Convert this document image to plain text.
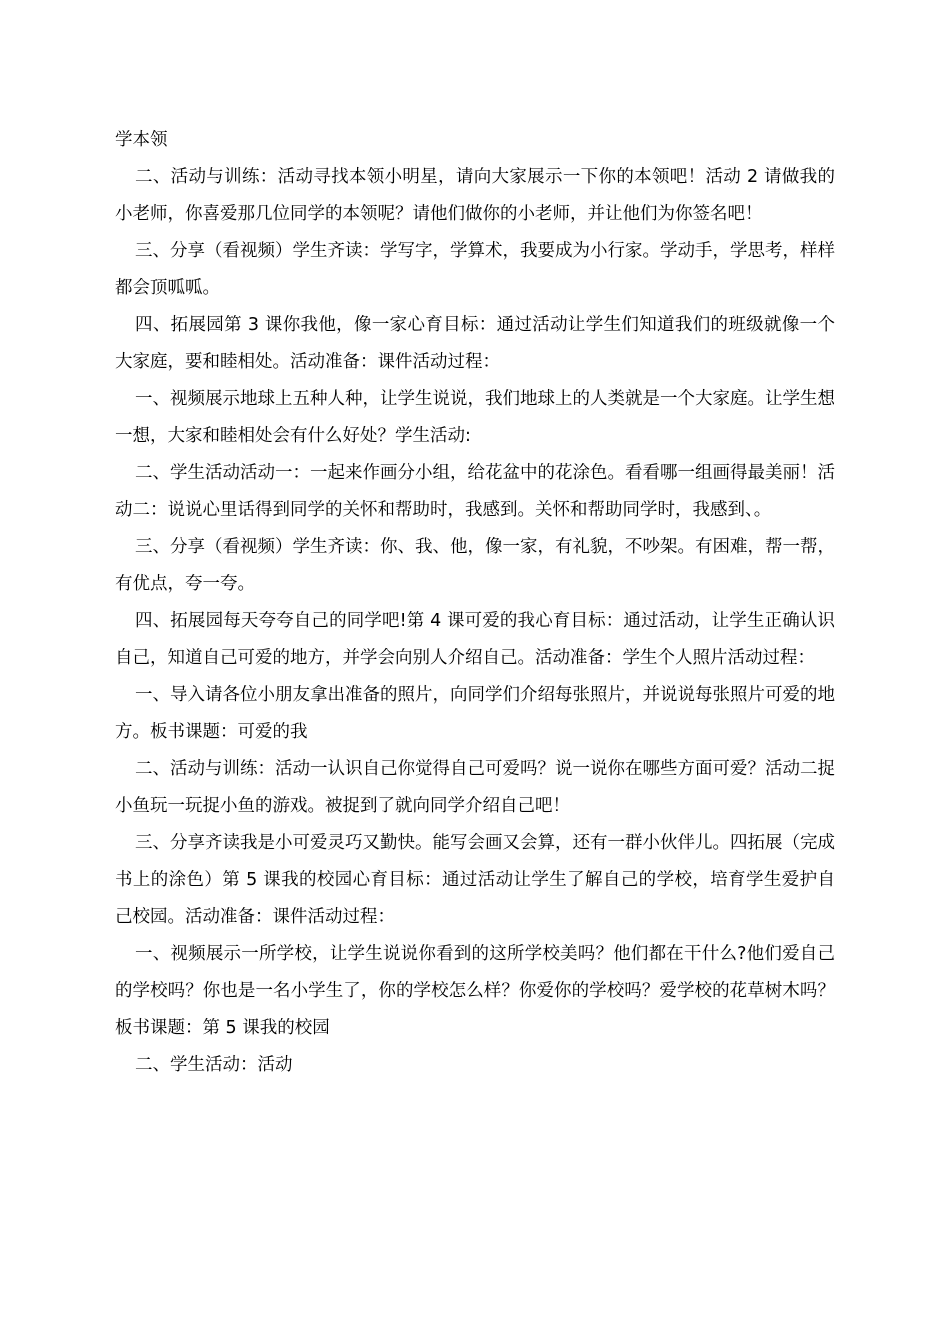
学本领

二、活动与训练：活动寻找本领小明星，请向大家展示一下你的本领吧！活动 2 请做我的小老师，你喜爱那几位同学的本领呢？请他们做你的小老师，并让他们为你签名吧！

三、分享（看视频）学生齐读：学写字，学算术，我要成为小行家。学动手，学思考，样样都会顶呱呱。

四、拓展园第 3 课你我他，像一家心育目标：通过活动让学生们知道我们的班级就像一个大家庭，要和睦相处。活动准备：课件活动过程：

一、视频展示地球上五种人种，让学生说说，我们地球上的人类就是一个大家庭。让学生想一想，大家和睦相处会有什么好处？学生活动:

二、学生活动活动一：一起来作画分小组，给花盆中的花涂色。看看哪一组画得最美丽！活动二：说说心里话得到同学的关怀和帮助时，我感到。关怀和帮助同学时，我感到、。

三、分享（看视频）学生齐读：你、我、他，像一家，有礼貌，不吵架。有困难，帮一帮，有优点，夸一夸。

四、拓展园每天夸夸自己的同学吧!第 4 课可爱的我心育目标：通过活动，让学生正确认识自己，知道自己可爱的地方，并学会向别人介绍自己。活动准备：学生个人照片活动过程：

一、导入请各位小朋友拿出准备的照片，向同学们介绍每张照片，并说说每张照片可爱的地方。板书课题：可爱的我

二、活动与训练：活动一认识自己你觉得自己可爱吗？说一说你在哪些方面可爱？活动二捉小鱼玩一玩捉小鱼的游戏。被捉到了就向同学介绍自己吧！

三、分享齐读我是小可爱灵巧又勤快。能写会画又会算，还有一群小伙伴儿。四拓展（完成书上的涂色）第 5 课我的校园心育目标：通过活动让学生了解自己的学校，培育学生爱护自己校园。活动准备：课件活动过程：

一、视频展示一所学校，让学生说说你看到的这所学校美吗？他们都在干什么?他们爱自己的学校吗？你也是一名小学生了，你的学校怎么样？你爱你的学校吗？爱学校的花草树木吗？板书课题：第 5 课我的校园

二、学生活动：活动
